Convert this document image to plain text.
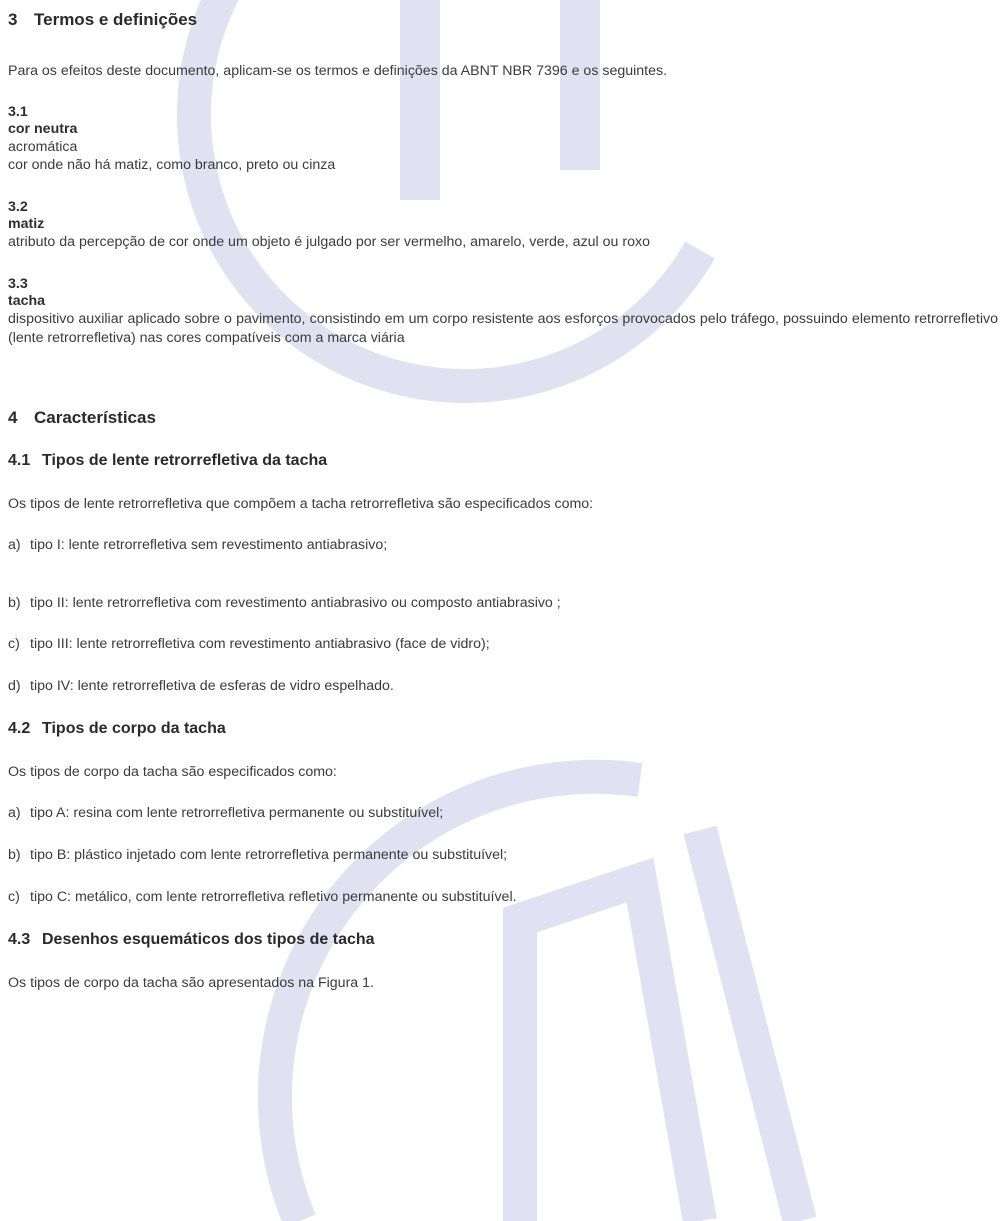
3 Termos e definições
Para os efeitos deste documento, aplicam-se os termos e definições da ABNT NBR 7396 e os seguintes.
3.1
cor neutra
acromática
cor onde não há matiz, como branco, preto ou cinza
3.2
matiz
atributo da percepção de cor onde um objeto é julgado por ser vermelho, amarelo, verde, azul ou roxo
3.3
tacha
dispositivo auxiliar aplicado sobre o pavimento, consistindo em um corpo resistente aos esforços provocados pelo tráfego, possuindo elemento retrorrefletivo (lente retrorrefletiva) nas cores compatíveis com a marca viária
4 Características
4.1 Tipos de lente retrorrefletiva da tacha
Os tipos de lente retrorrefletiva que compõem a tacha retrorrefletiva são especificados como:
a) tipo I: lente retrorrefletiva sem revestimento antiabrasivo;
b) tipo II: lente retrorrefletiva com revestimento antiabrasivo ou composto antiabrasivo ;
c) tipo III: lente retrorrefletiva com revestimento antiabrasivo (face de vidro);
d) tipo IV: lente retrorrefletiva de esferas de vidro espelhado.
4.2 Tipos de corpo da tacha
Os tipos de corpo da tacha são especificados como:
a) tipo A: resina com lente retrorrefletiva permanente ou substituível;
b) tipo B: plástico injetado com lente retrorrefletiva permanente ou substituível;
c) tipo C: metálico, com lente retrorrefletiva refletivo permanente ou substituível.
4.3 Desenhos esquemáticos dos tipos de tacha
Os tipos de corpo da tacha são apresentados na Figura 1.
